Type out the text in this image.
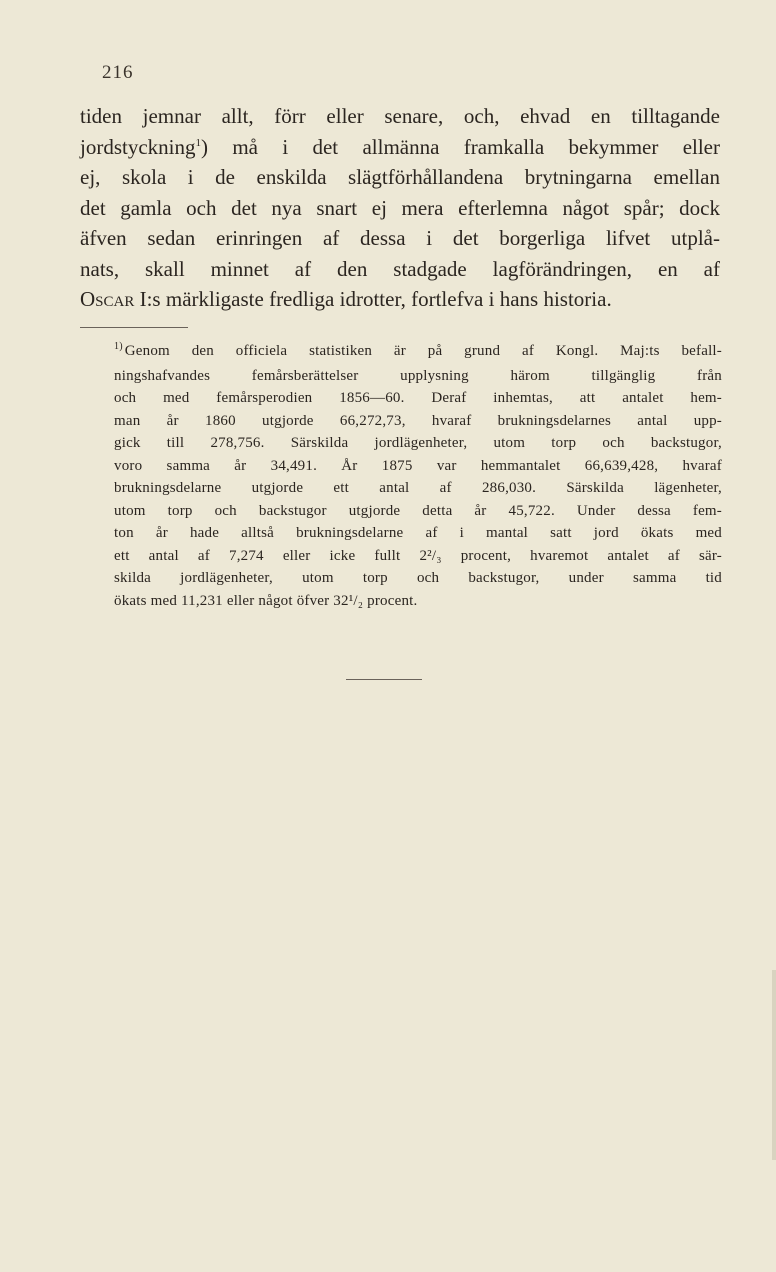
216
tiden jemnar allt, förr eller senare, och, ehvad en tilltagande
jordstyckning$^1$) må i det allmänna framkalla bekymmer eller
ej, skola i de enskilda slägtförhållandena brytningarna emellan
det gamla och det nya snart ej mera efterlemna något spår; dock
äfven sedan erinringen af dessa i det borgerliga lifvet utplå-
nats, skall minnet af den stadgade lagförändringen, en af
Oscar I:s märkligaste fredliga idrotter, fortlefva i hans historia.
$^{1)}$ Genom den officiela statistiken är på grund af Kongl. Maj:ts befall-
ningshafvandes femårsberättelser upplysning härom tillgänglig från
och med femårsperodien 1856—60. Deraf inhemtas, att antalet hem-
man år 1860 utgjorde 66,272,73, hvaraf brukningsdelarnes antal upp-
gick till 278,756. Särskilda jordlägenheter, utom torp och backstugor,
voro samma år 34,491. År 1875 var hemmantalet 66,639,428, hvaraf
brukningsdelarne utgjorde ett antal af 286,030. Särskilda lägenheter,
utom torp och backstugor utgjorde detta år 45,722. Under dessa fem-
ton år hade alltså brukningsdelarne af i mantal satt jord ökats med
ett antal af 7,274 eller icke fullt 2²/₃ procent, hvaremot antalet af sär-
skilda jordlägenheter, utom torp och backstugor, under samma tid
ökats med 11,231 eller något öfver 32¹/₂ procent.
